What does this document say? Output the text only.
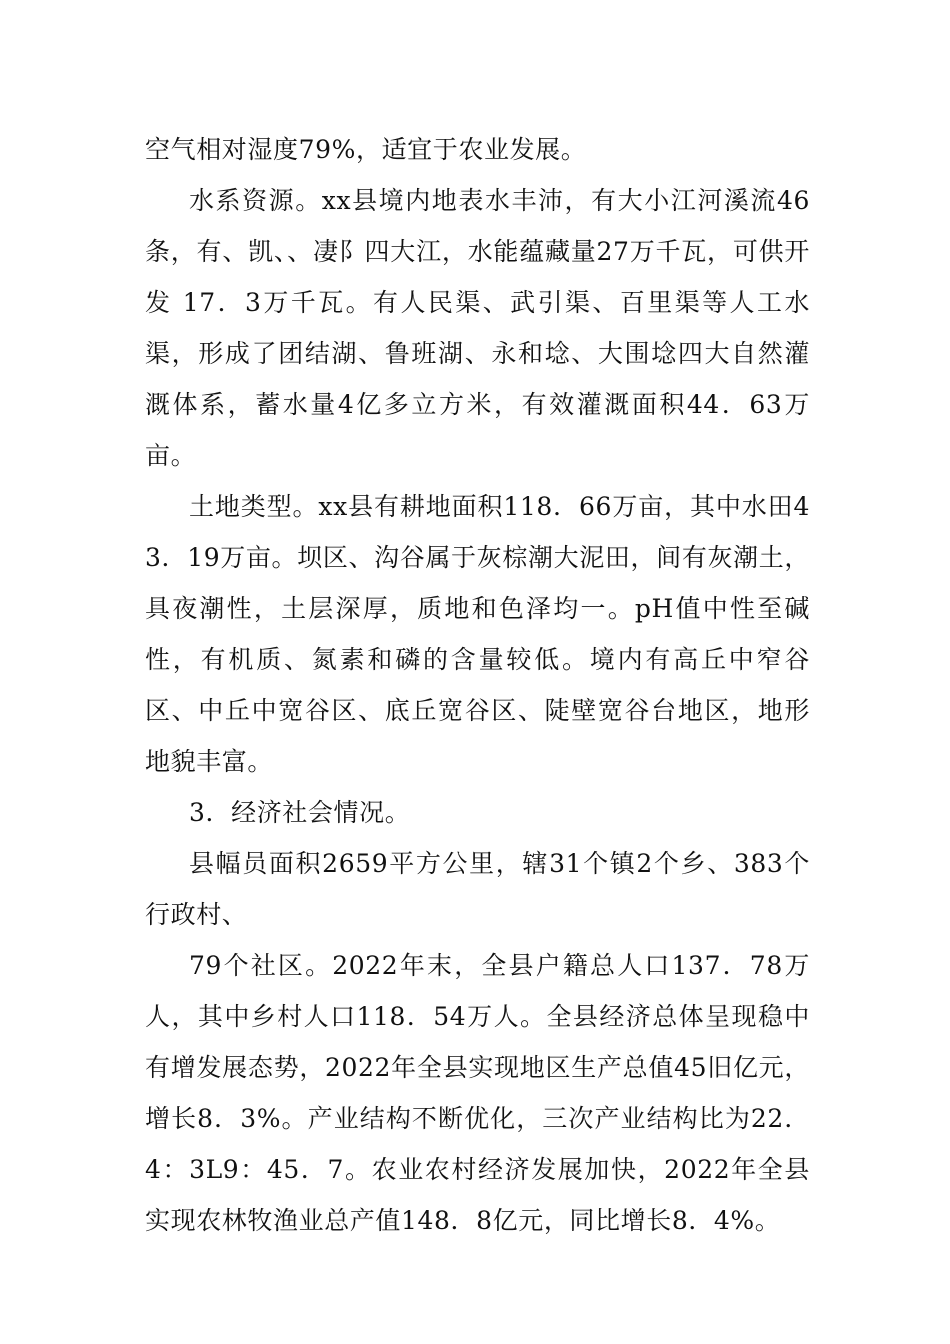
空气相对湿度79%，适宜于农业发展。

水系资源。xx县境内地表水丰沛，有大小江河溪流46条，有、凯、、凄阝四大江，水能蕴藏量27万千瓦，可供开发 17．3万千瓦。有人民渠、武引渠、百里渠等人工水渠，形成了团结湖、鲁班湖、永和埝、大围埝四大自然灌溉体系，蓄水量4亿多立方米，有效灌溉面积44．63万亩。

土地类型。xx县有耕地面积118．66万亩，其中水田43．19万亩。坝区、沟谷属于灰棕潮大泥田，间有灰潮土，具夜潮性，土层深厚，质地和色泽均一。pH值中性至碱性，有机质、氮素和磷的含量较低。境内有高丘中窄谷区、中丘中宽谷区、底丘宽谷区、陡壁宽谷台地区，地形地貌丰富。

3．经济社会情况。

县幅员面积2659平方公里，辖31个镇2个乡、383个行政村、

79个社区。2022年末，全县户籍总人口137．78万人，其中乡村人口118．54万人。全县经济总体呈现稳中有增发展态势，2022年全县实现地区生产总值45旧亿元，增长8．3%。产业结构不断优化，三次产业结构比为22．4：3L9：45．7。农业农村经济发展加快，2022年全县实现农林牧渔业总产值148．8亿元，同比增长8．4%。
